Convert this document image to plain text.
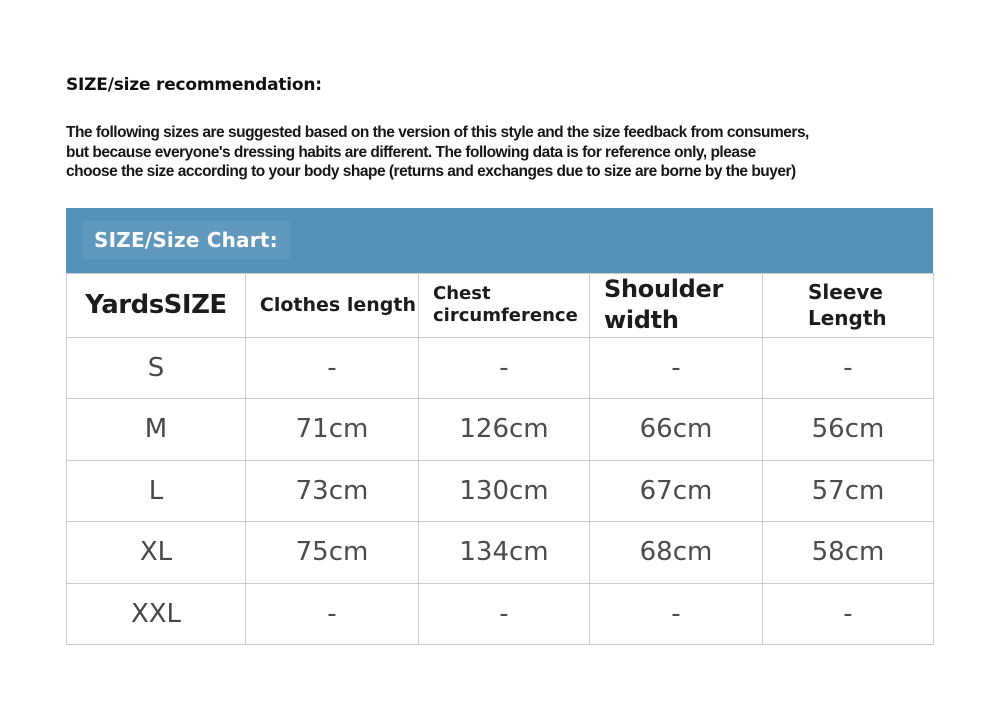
SIZE/size recommendation:
The following sizes are suggested based on the version of this style and the size feedback from consumers,
but because everyone's dressing habits are different. The following data is for reference only, please
choose the size according to your body shape (returns and exchanges due to size are borne by the buyer)
SIZE/Size Chart:
YardsSIZE	Clothes length	Chest circumference	Shoulder width	Sleeve Length
S	-	-	-	-
M	71cm	126cm	66cm	56cm
L	73cm	130cm	67cm	57cm
XL	75cm	134cm	68cm	58cm
XXL	-	-	-	-
